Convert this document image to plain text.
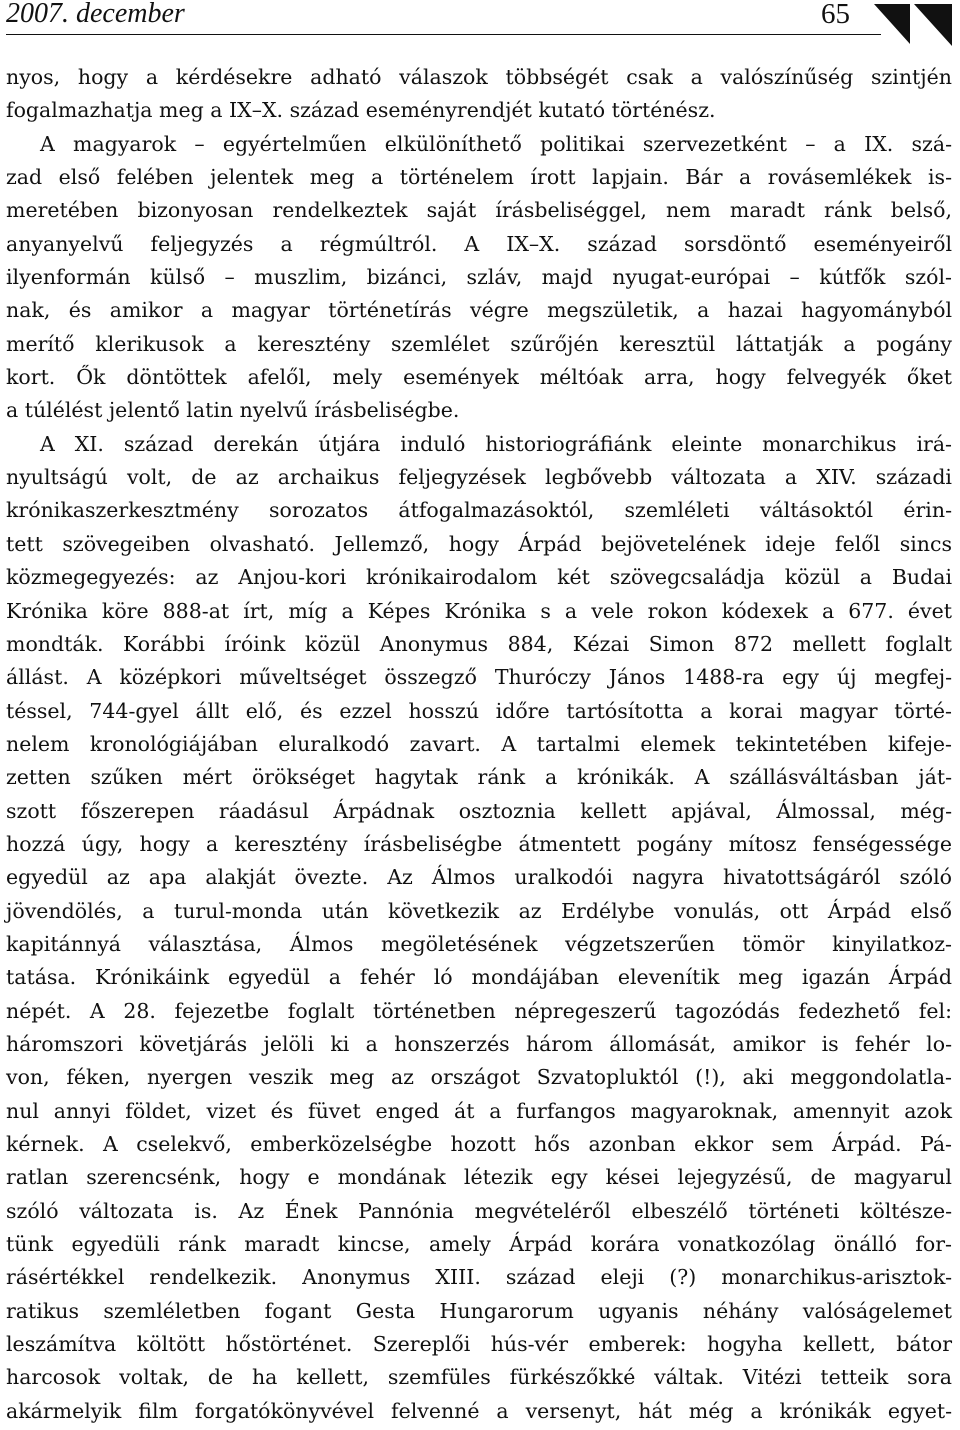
2007. december	65
nyos, hogy a kérdésekre adható válaszok többségét csak a valószínűség szintjén
fogalmazhatja meg a IX–X. század eseményrendjét kutató történész.
A magyarok – egyértelműen elkülöníthető politikai szervezetként – a IX. szá-
zad első felében jelentek meg a történelem írott lapjain. Bár a rovásemlékek is-
meretében bizonyosan rendelkeztek saját írásbeliséggel, nem maradt ránk belső,
anyanyelvű feljegyzés a régmúltról. A IX–X. század sorsdöntő eseményeiről
ilyenformán külső – muszlim, bizánci, szláv, majd nyugat-európai – kútfők szól-
nak, és amikor a magyar történetírás végre megszületik, a hazai hagyományból
merítő klerikusok a keresztény szemlélet szűrőjén keresztül láttatják a pogány
kort. Ők döntöttek afelől, mely események méltóak arra, hogy felvegyék őket
a túlélést jelentő latin nyelvű írásbeliségbe.
A XI. század derekán útjára induló historiográfiánk eleinte monarchikus irá-
nyultságú volt, de az archaikus feljegyzések legbővebb változata a XIV. századi
krónikaszerkesztmény sorozatos átfogalmazásoktól, szemléleti váltásoktól érin-
tett szövegeiben olvasható. Jellemző, hogy Árpád bejövetelének ideje felől sincs
közmegegyezés: az Anjou-kori krónikairodalom két szövegcsaládja közül a Budai
Krónika köre 888-at írt, míg a Képes Krónika s a vele rokon kódexek a 677. évet
mondták. Korábbi íróink közül Anonymus 884, Kézai Simon 872 mellett foglalt
állást. A középkori műveltséget összegző Thuróczy János 1488-ra egy új megfej-
téssel, 744-gyel állt elő, és ezzel hosszú időre tartósította a korai magyar törté-
nelem kronológiájában eluralkodó zavart. A tartalmi elemek tekintetében kifeje-
zetten szűken mért örökséget hagytak ránk a krónikák. A szállásváltásban ját-
szott főszerepen ráadásul Árpádnak osztoznia kellett apjával, Álmossal, még-
hozzá úgy, hogy a keresztény írásbeliségbe átmentett pogány mítosz fenségessége
egyedül az apa alakját övezte. Az Álmos uralkodói nagyra hivatottságáról szóló
jövendölés, a turul-monda után következik az Erdélybe vonulás, ott Árpád első
kapitánnyá választása, Álmos megöletésének végzetszerűen tömör kinyilatkoz-
tatása. Krónikáink egyedül a fehér ló mondájában elevenítik meg igazán Árpád
népét. A 28. fejezetbe foglalt történetben népregeszerű tagozódás fedezhető fel:
háromszori követjárás jelöli ki a honszerzés három állomását, amikor is fehér lo-
von, féken, nyergen veszik meg az országot Szvatopluktól (!), aki meggondolatla-
nul annyi földet, vizet és füvet enged át a furfangos magyaroknak, amennyit azok
kérnek. A cselekvő, emberközelségbe hozott hős azonban ekkor sem Árpád. Pá-
ratlan szerencsénk, hogy e mondának létezik egy kései lejegyzésű, de magyarul
szóló változata is. Az Ének Pannónia megvételéről elbeszélő történeti költésze-
tünk egyedüli ránk maradt kincse, amely Árpád korára vonatkozólag önálló for-
rásértékkel rendelkezik. Anonymus XIII. század eleji (?) monarchikus-arisztok-
ratikus szemléletben fogant Gesta Hungarorum ugyanis néhány valóságelemet
leszámítva költött hőstörténet. Szereplői hús-vér emberek: hogyha kellett, bátor
harcosok voltak, de ha kellett, szemfüles fürkészőkké váltak. Vitézi tetteik sora
akármelyik film forgatókönyvével felvenné a versenyt, hát még a krónikák egyet-
